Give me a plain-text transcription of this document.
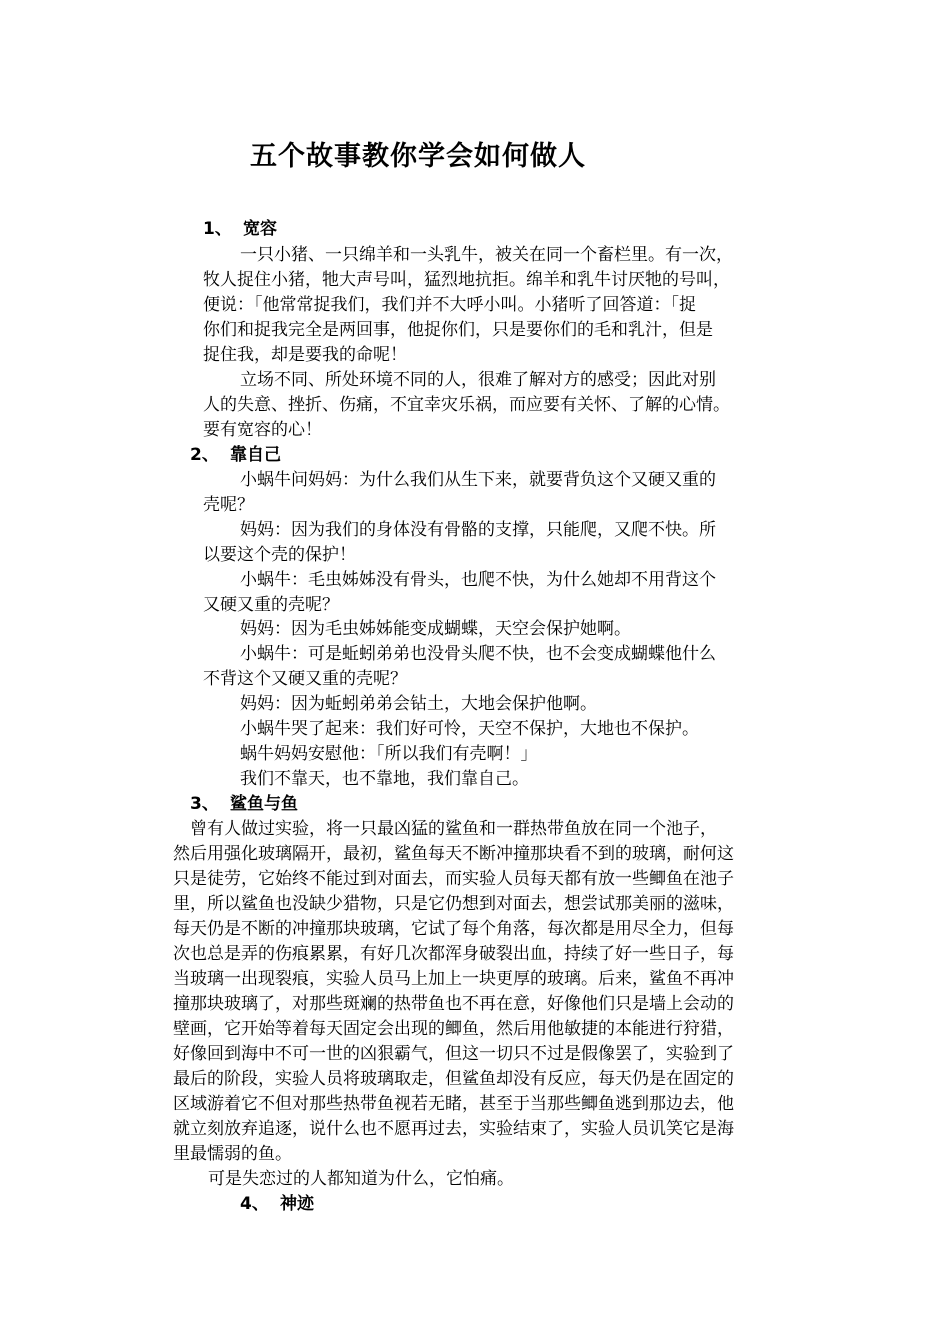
五个故事教你学会如何做人
1、 宽容
一只小猪、一只绵羊和一头乳牛，被关在同一个畜栏里。有一次，
牧人捉住小猪，牠大声号叫，猛烈地抗拒。绵羊和乳牛讨厌牠的号叫，
便说：「他常常捉我们，我们并不大呼小叫。小猪听了回答道：「捉
你们和捉我完全是两回事，他捉你们，只是要你们的毛和乳汁，但是
捉住我，却是要我的命呢！
立场不同、所处环境不同的人，很难了解对方的感受；因此对别
人的失意、挫折、伤痛，不宜幸灾乐祸，而应要有关怀、了解的心情。
要有宽容的心！
2、 靠自己
小蜗牛问妈妈：为什么我们从生下来，就要背负这个又硬又重的
壳呢？
妈妈：因为我们的身体没有骨骼的支撑，只能爬，又爬不快。所
以要这个壳的保护！
小蜗牛：毛虫姊姊没有骨头，也爬不快，为什么她却不用背这个
又硬又重的壳呢？
妈妈：因为毛虫姊姊能变成蝴蝶，天空会保护她啊。
小蜗牛：可是蚯蚓弟弟也没骨头爬不快，也不会变成蝴蝶他什么
不背这个又硬又重的壳呢？
妈妈：因为蚯蚓弟弟会钻土，大地会保护他啊。
小蜗牛哭了起来：我们好可怜，天空不保护，大地也不保护。
蜗牛妈妈安慰他：「所以我们有壳啊！」
我们不靠天，也不靠地，我们靠自己。
3、 鲨鱼与鱼
曾有人做过实验，将一只最凶猛的鲨鱼和一群热带鱼放在同一个池子，
然后用强化玻璃隔开，最初，鲨鱼每天不断冲撞那块看不到的玻璃，耐何这
只是徒劳，它始终不能过到对面去，而实验人员每天都有放一些鲫鱼在池子
里，所以鲨鱼也没缺少猎物，只是它仍想到对面去，想尝试那美丽的滋味，
每天仍是不断的冲撞那块玻璃，它试了每个角落，每次都是用尽全力，但每
次也总是弄的伤痕累累，有好几次都浑身破裂出血，持续了好一些日子，每
当玻璃一出现裂痕，实验人员马上加上一块更厚的玻璃。后来，鲨鱼不再冲
撞那块玻璃了，对那些斑斓的热带鱼也不再在意，好像他们只是墙上会动的
壁画，它开始等着每天固定会出现的鲫鱼，然后用他敏捷的本能进行狩猎，
好像回到海中不可一世的凶狠霸气，但这一切只不过是假像罢了，实验到了
最后的阶段，实验人员将玻璃取走，但鲨鱼却没有反应，每天仍是在固定的
区域游着它不但对那些热带鱼视若无睹，甚至于当那些鲫鱼逃到那边去，他
就立刻放弃追逐，说什么也不愿再过去，实验结束了，实验人员讥笑它是海
里最懦弱的鱼。
可是失恋过的人都知道为什么，它怕痛。
4、 神迹
